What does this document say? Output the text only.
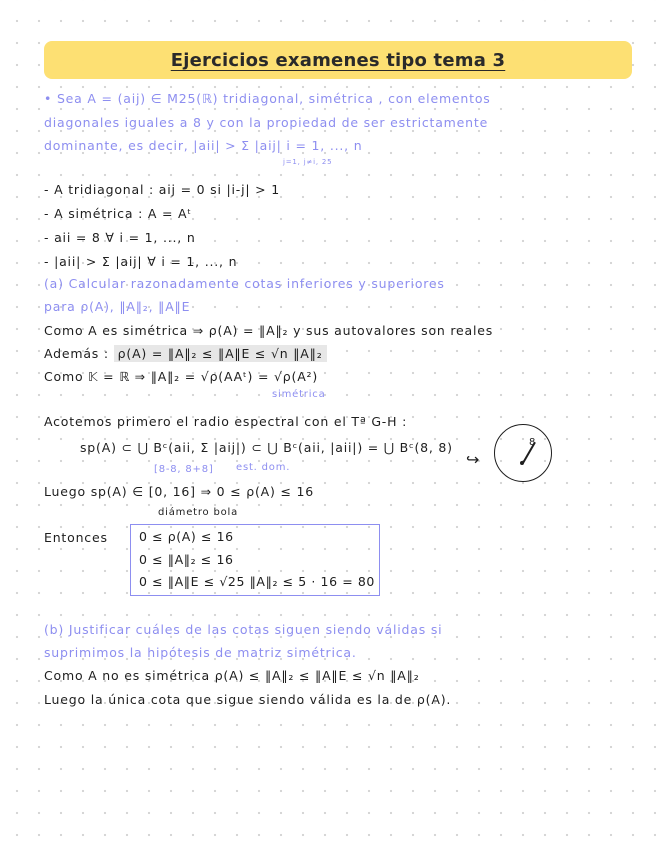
Ejercicios examenes tipo tema 3
• Sea A = (aij) ∈ M25(ℝ) tridiagonal, simétrica , con elementos
diagonales iguales a 8 y con la propiedad de ser estrictamente
dominante, es decir, |aii| > Σ |aij| i = 1, ..., n
j=1, j≠i, 25
- A tridiagonal : aij = 0 si |i-j| > 1
- A simétrica : A = Aᵗ
- aii = 8 ∀ i = 1, ..., n
- |aii| > Σ |aij| ∀ i = 1, ..., n
(a) Calcular razonadamente cotas inferiores y superiores
para ρ(A), ‖A‖₂, ‖A‖E
Como A es simétrica ⇒ ρ(A) = ‖A‖₂ y sus autovalores son reales
Además : ρ(A) = ‖A‖₂ ≤ ‖A‖E ≤ √n ‖A‖₂
Como 𝕂 = ℝ ⇒ ‖A‖₂ = √ρ(AAᵗ) = √ρ(A²)
simétrica
Acotemos primero el radio espectral con el Tª G-H :
sp(A) ⊂ ⋃ Bᶜ(aii, Σ |aij|) ⊂ ⋃ Bᶜ(aii, |aii|) = ⋃ Bᶜ(8, 8)
[8-8, 8+8] est. dom.	↪
8
Luego sp(A) ∈ [0, 16] ⇒ 0 ≤ ρ(A) ≤ 16
diámetro bola
Entonces 0 ≤ ρ(A) ≤ 16
0 ≤ ‖A‖₂ ≤ 16
0 ≤ ‖A‖E ≤ √25 ‖A‖₂ ≤ 5 · 16 = 80
(b) Justificar cuáles de las cotas siguen siendo válidas si
suprimimos la hipótesis de matriz simétrica.
Como A no es simétrica ρ(A) ≤ ‖A‖₂ ≤ ‖A‖E ≤ √n ‖A‖₂
Luego la única cota que sigue siendo válida es la de ρ(A).
